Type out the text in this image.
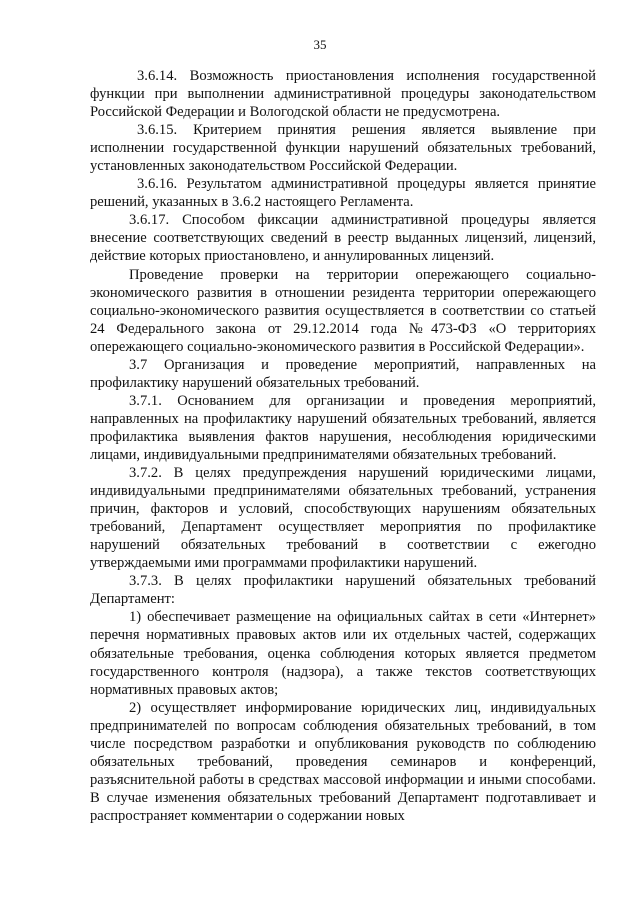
35

3.6.14. Возможность приостановления исполнения государственной функции при выполнении административной процедуры законодательством Российской Федерации и Вологодской области не предусмотрена.

3.6.15. Критерием принятия решения является выявление при исполнении государственной функции нарушений обязательных требований, установленных законодательством Российской Федерации.

3.6.16. Результатом административной процедуры является принятие решений, указанных в 3.6.2 настоящего Регламента.

3.6.17. Способом фиксации административной процедуры является внесение соответствующих сведений в реестр выданных лицензий, лицензий, действие которых приостановлено, и аннулированных лицензий.

Проведение проверки на территории опережающего социально-экономического развития в отношении резидента территории опережающего социально-экономического развития осуществляется в соответствии со статьей 24 Федерального закона от 29.12.2014 года №473-ФЗ «О территориях опережающего социально-экономического развития в Российской Федерации».

3.7 Организация и проведение мероприятий, направленных на профилактику нарушений обязательных требований.

3.7.1. Основанием для организации и проведения мероприятий, направленных на профилактику нарушений обязательных требований, является профилактика выявления фактов нарушения, несоблюдения юридическими лицами, индивидуальными предпринимателями обязательных требований.

3.7.2. В целях предупреждения нарушений юридическими лицами, индивидуальными предпринимателями обязательных требований, устранения причин, факторов и условий, способствующих нарушениям обязательных требований, Департамент осуществляет мероприятия по профилактике нарушений обязательных требований в соответствии с ежегодно утверждаемыми ими программами профилактики нарушений.

3.7.3. В целях профилактики нарушений обязательных требований Департамент:

1) обеспечивает размещение на официальных сайтах в сети «Интернет» перечня нормативных правовых актов или их отдельных частей, содержащих обязательные требования, оценка соблюдения которых является предметом государственного контроля (надзора), а также текстов соответствующих нормативных правовых актов;

2) осуществляет информирование юридических лиц, индивидуальных предпринимателей по вопросам соблюдения обязательных требований, в том числе посредством разработки и опубликования руководств по соблюдению обязательных требований, проведения семинаров и конференций, разъяснительной работы в средствах массовой информации и иными способами. В случае изменения обязательных требований Департамент подготавливает и распространяет комментарии о содержании новых
